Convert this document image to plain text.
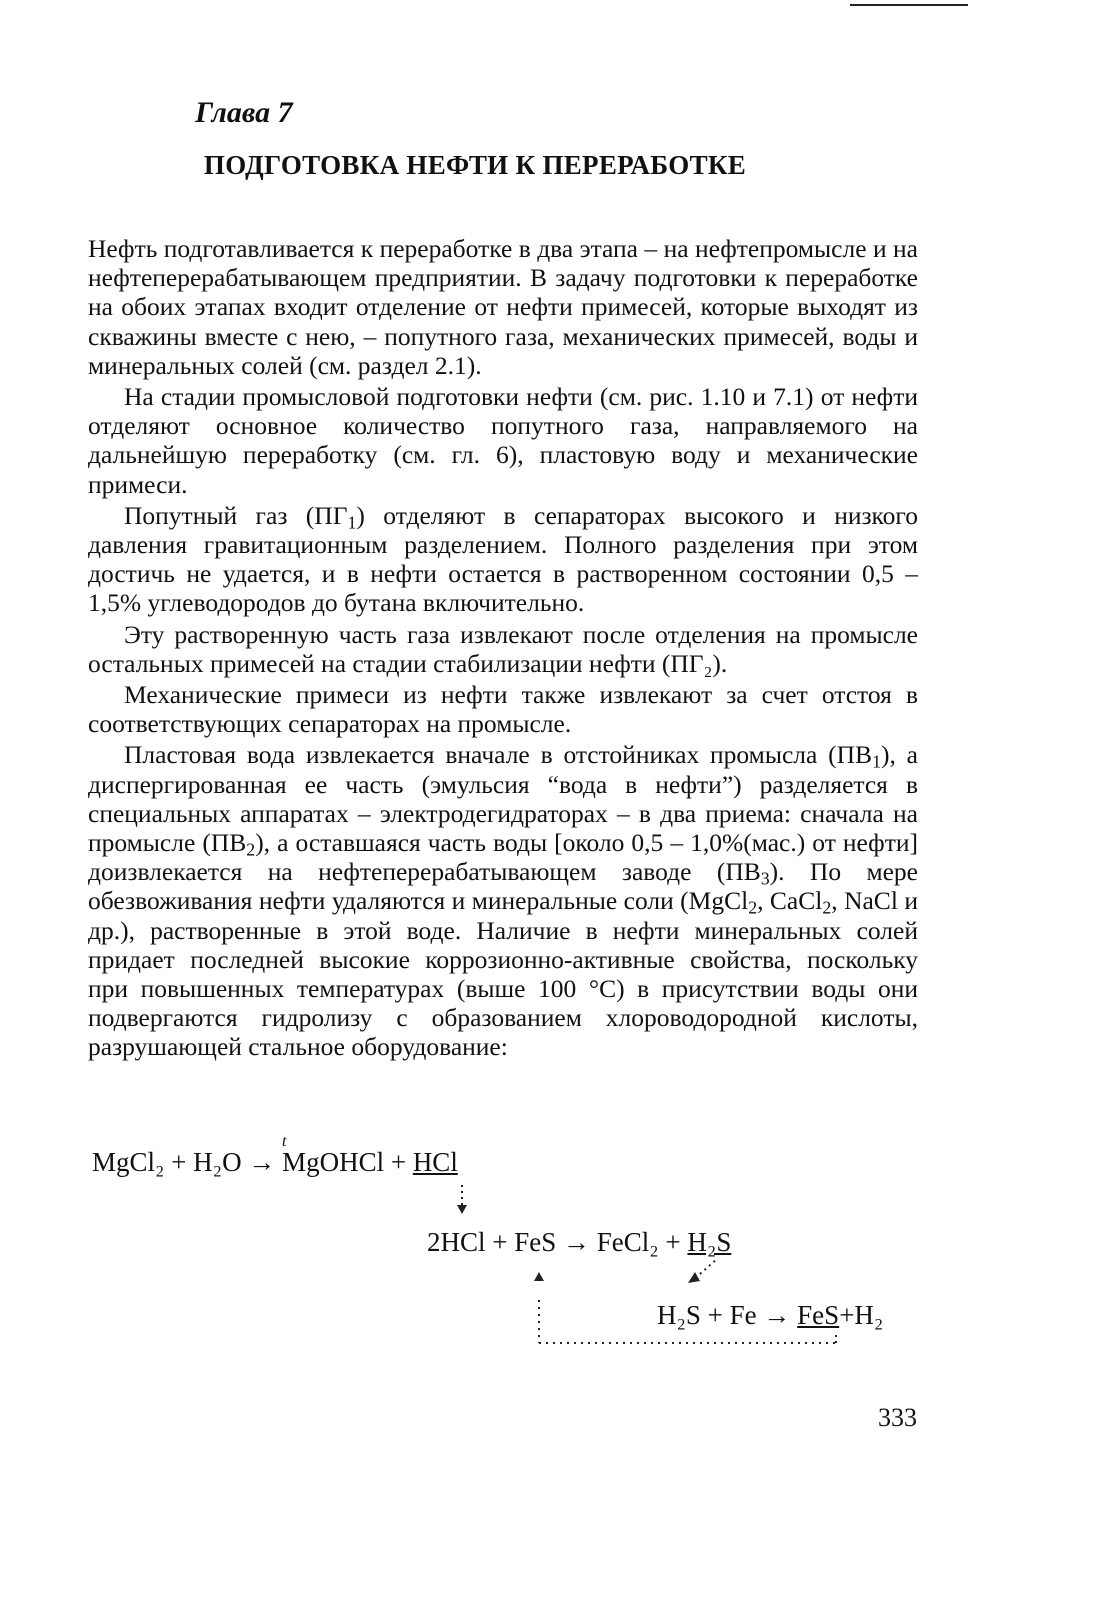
Глава 7
ПОДГОТОВКА НЕФТИ К ПЕРЕРАБОТКЕ

Нефть подготавливается к переработке в два этапа – на нефтепромысле и на нефтеперерабатывающем предприятии. В задачу подготовки к переработке на обоих этапах входит отделение от нефти примесей, которые выходят из скважины вместе с нею, – попутного газа, механических примесей, воды и минеральных солей (см. раздел 2.1).

На стадии промысловой подготовки нефти (см. рис. 1.10 и 7.1) от нефти отделяют основное количество попутного газа, направляемого на дальнейшую переработку (см. гл. 6), пластовую воду и механические примеси.

Попутный газ $(ПГ_1)$ отделяют в сепараторах высокого и низкого давления гравитационным разделением. Полного разделения при этом достичь не удается, и в нефти остается в растворенном состоянии 0,5 – 1,5% углеводородов до бутана включительно.

Эту растворенную часть газа извлекают после отделения на промысле остальных примесей на стадии стабилизации нефти (ПГ₂).

Механические примеси из нефти также извлекают за счет отстоя в соответствующих сепараторах на промысле.

Пластовая вода извлекается вначале в отстойниках промысла $(ПВ_1)$, а диспергированная ее часть (эмульсия “вода в нефти”) разделяется в специальных аппаратах – электродегидраторах – в два приема: сначала на промысле $(ПВ_2)$, а оставшаяся часть воды [около 0,5 – 1,0%(мас.) от нефти] доизвлекается на нефтеперерабатывающем заводе $(ПВ_3)$. По мере обезвоживания нефти удаляются и минеральные соли (MgCl$_2$, CaCl$_2$, NaCl и др.), растворенные в этой воде. Наличие в нефти минеральных солей придает последней высокие коррозионно-активные свойства, поскольку при повышенных температурах (выше 100 °С) в присутствии воды они подвергаются гидролизу с образованием хлороводородной кислоты, разрушающей стальное оборудование:

MgCl₂ + H₂O → MgOHCl + HCl
t
2HCl + FeS → FeCl₂ + H₂S
H₂S + Fe → FeS+H₂
333
